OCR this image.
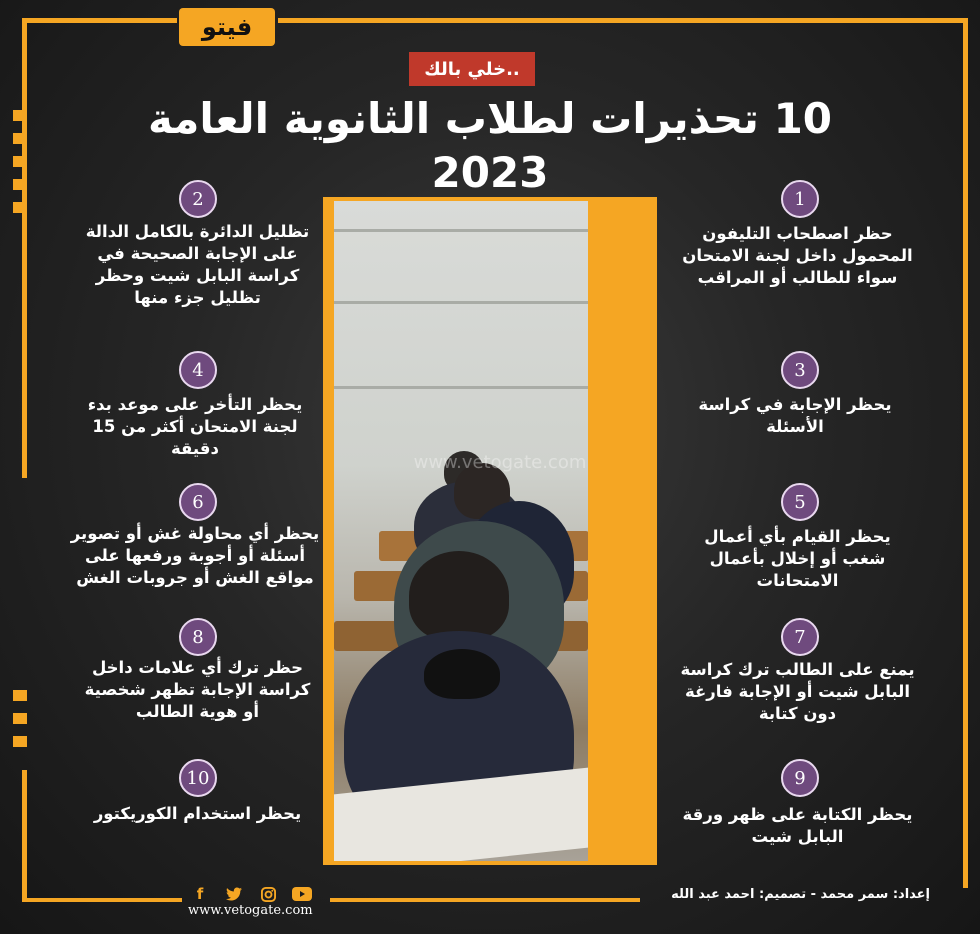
فيتو
خلي بالك..
10 تحذيرات لطلاب الثانوية العامة 2023
www.vetogate.com
1
حظر اصطحاب التليفون المحمول داخل لجنة الامتحان سواء للطالب أو المراقب
3
يحظر الإجابة في كراسة الأسئلة
5
يحظر القيام بأي أعمال شغب أو إخلال بأعمال الامتحانات
7
يمنع على الطالب ترك كراسة البابل شيت أو الإجابة فارغة دون كتابة
9
يحظر الكتابة على ظهر ورقة البابل شيت
2
تظليل الدائرة بالكامل الدالة على الإجابة الصحيحة في كراسة البابل شيت وحظر تظليل جزء منها
4
يحظر التأخر على موعد بدء لجنة الامتحان أكثر من 15 دقيقة
6
يحظر أي محاولة غش أو تصوير أسئلة أو أجوبة ورفعها على مواقع الغش أو جروبات الغش
8
حظر ترك أي علامات داخل كراسة الإجابة تظهر شخصية أو هوية الطالب
10
يحظر استخدام الكوريكتور
f
www.vetogate.com
إعداد: سمر محمد - تصميم: احمد عبد الله
